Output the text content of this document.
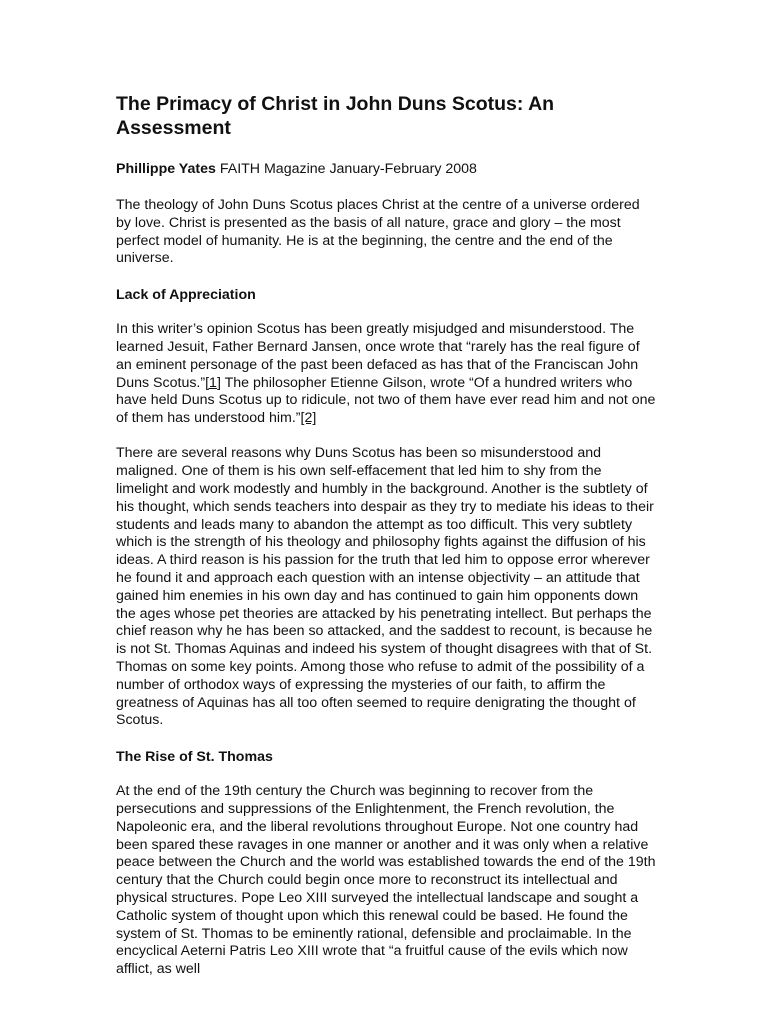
The Primacy of Christ in John Duns Scotus: An Assessment
Phillippe Yates FAITH Magazine January-February 2008

The theology of John Duns Scotus places Christ at the centre of a universe ordered by love. Christ is presented as the basis of all nature, grace and glory – the most perfect model of humanity. He is at the beginning, the centre and the end of the universe.

Lack of Appreciation

In this writer’s opinion Scotus has been greatly misjudged and misunderstood. The learned Jesuit, Father Bernard Jansen, once wrote that “rarely has the real figure of an eminent personage of the past been defaced as has that of the Franciscan John Duns Scotus.”[1] The philosopher Etienne Gilson, wrote “Of a hundred writers who have held Duns Scotus up to ridicule, not two of them have ever read him and not one of them has understood him.”[2]

There are several reasons why Duns Scotus has been so misunderstood and maligned. One of them is his own self-effacement that led him to shy from the limelight and work modestly and humbly in the background. Another is the subtlety of his thought, which sends teachers into despair as they try to mediate his ideas to their students and leads many to abandon the attempt as too difficult. This very subtlety which is the strength of his theology and philosophy fights against the diffusion of his ideas. A third reason is his passion for the truth that led him to oppose error wherever he found it and approach each question with an intense objectivity – an attitude that gained him enemies in his own day and has continued to gain him opponents down the ages whose pet theories are attacked by his penetrating intellect. But perhaps the chief reason why he has been so attacked, and the saddest to recount, is because he is not St. Thomas Aquinas and indeed his system of thought disagrees with that of St. Thomas on some key points. Among those who refuse to admit of the possibility of a number of orthodox ways of expressing the mysteries of our faith, to affirm the greatness of Aquinas has all too often seemed to require denigrating the thought of Scotus.

The Rise of St. Thomas

At the end of the 19th century the Church was beginning to recover from the persecutions and suppressions of the Enlightenment, the French revolution, the Napoleonic era, and the liberal revolutions throughout Europe. Not one country had been spared these ravages in one manner or another and it was only when a relative peace between the Church and the world was established towards the end of the 19th century that the Church could begin once more to reconstruct its intellectual and physical structures. Pope Leo XIII surveyed the intellectual landscape and sought a Catholic system of thought upon which this renewal could be based. He found the system of St. Thomas to be eminently rational, defensible and proclaimable. In the encyclical Aeterni Patris Leo XIII wrote that “a fruitful cause of the evils which now afflict, as well
